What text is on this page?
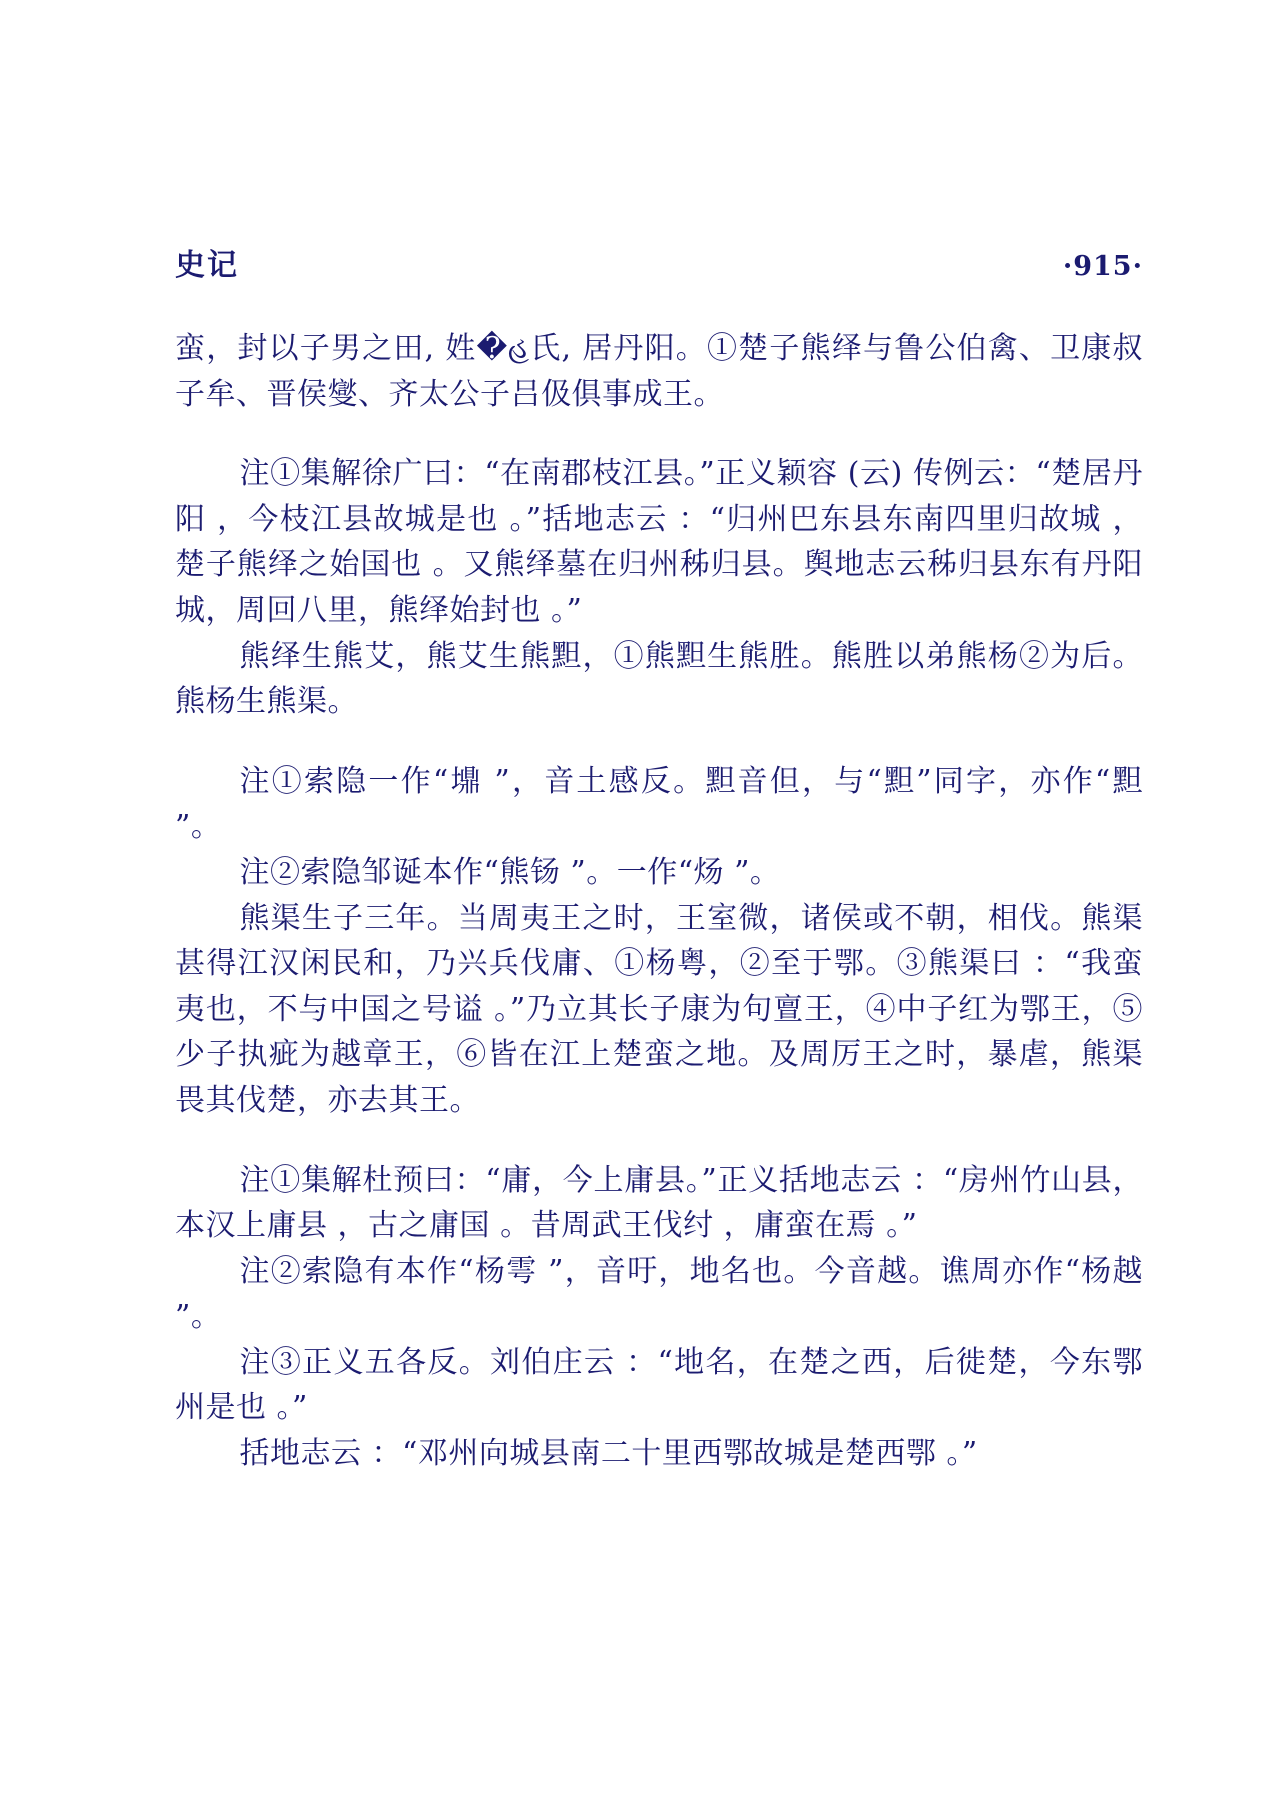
史记	·915·

蛮，封以子男之田, 姓�હ氏, 居丹阳。①楚子熊绎与鲁公伯禽、卫康叔子牟、晋侯燮、齐太公子吕伋俱事成王。

注①集解徐广曰：“在南郡枝江县。”正义颖容 (云) 传例云：“楚居丹阳 ，今枝江县故城是也 。”括地志云 ：“归州巴东县东南四里归故城 ，楚子熊绎之始国也 。又熊绎墓在归州秭归县。舆地志云秭归县东有丹阳城，周回八里，熊绎始封也 。”

熊绎生熊艾，熊艾生熊䵣，①熊䵣生熊胜。熊胜以弟熊杨②为后。熊杨生熊渠。

注①索隐一作“䵺 ”，音土感反。䵣音但，与“䵣”同字，亦作“䵣 ”。

注②索隐邹诞本作“熊钖 ”。一作“炀 ”。

熊渠生子三年。当周夷王之时，王室微，诸侯或不朝，相伐。熊渠甚得江汉闲民和，乃兴兵伐庸、①杨粤，②至于鄂。③熊渠曰 ：“我蛮夷也，不与中国之号谥 。”乃立其长子康为句亶王，④中子红为鄂王，⑤少子执疵为越章王，⑥皆在江上楚蛮之地。及周厉王之时，暴虐，熊渠畏其伐楚，亦去其王。

注①集解杜预曰：“庸，今上庸县。”正义括地志云 ：“房州竹山县，本汉上庸县 ，古之庸国 。昔周武王伐纣 ，庸蛮在焉 。”

注②索隐有本作“杨雩 ”，音吁，地名也。今音越。谯周亦作“杨越 ”。

注③正义五各反。刘伯庄云 ：“地名，在楚之西，后徙楚，今东鄂州是也 。”

括地志云 ：“邓州向城县南二十里西鄂故城是楚西鄂 。”
